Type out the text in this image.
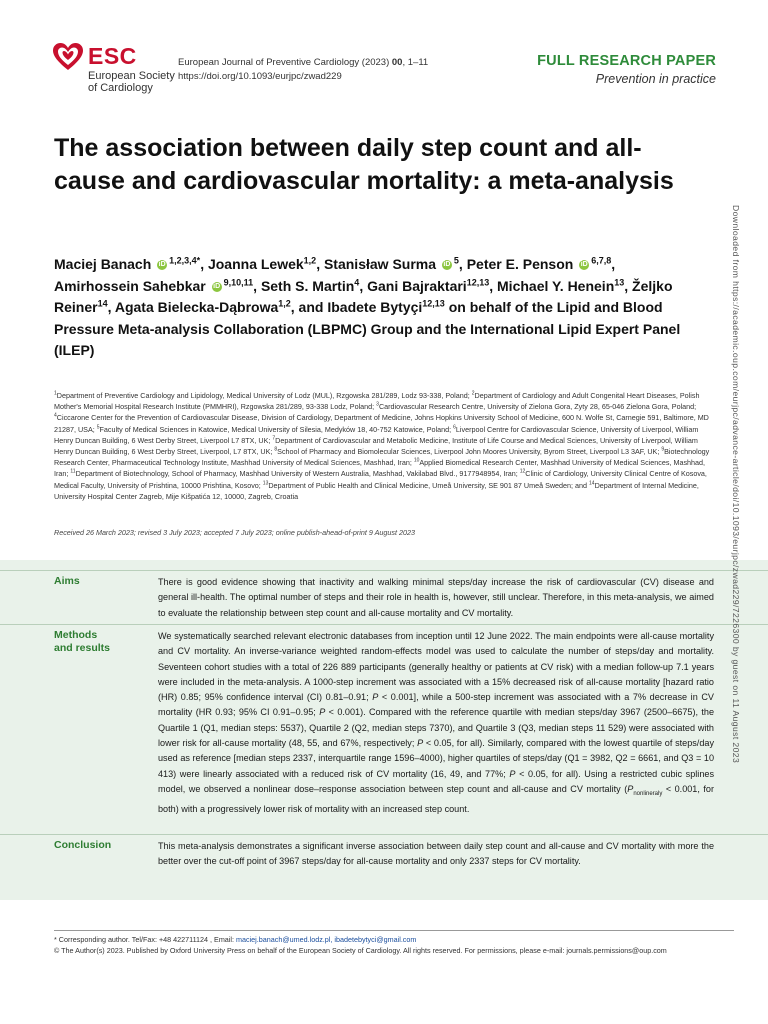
ESC
European Society
of Cardiology
European Journal of Preventive Cardiology (2023) 00, 1–11
https://doi.org/10.1093/eurjpc/zwad229
FULL RESEARCH PAPER
Prevention in practice
The association between daily step count and all-cause and cardiovascular mortality: a meta-analysis
Maciej Banach iD $^{1,2,3,4*}$, Joanna Lewek$^{1,2}$, Stanisław Surma iD $^5$, Peter E. Penson iD $^{6,7,8}$, Amirhossein Sahebkar iD $^{9,10,11}$, Seth S. Martin$^4$, Gani Bajraktari$^{12,13}$, Michael Y. Henein$^{13}$, Željko Reiner$^{14}$, Agata Bielecka-Dąbrowa$^{1,2}$, and Ibadete Bytyçi$^{12,13}$ on behalf of the Lipid and Blood Pressure Meta-analysis Collaboration (LBPMC) Group and the International Lipid Expert Panel (ILEP)
$^1$Department of Preventive Cardiology and Lipidology, Medical University of Lodz (MUL), Rzgowska 281/289, Lodz 93-338, Poland; $^2$Department of Cardiology and Adult Congenital Heart Diseases, Polish Mother's Memorial Hospital Research Institute (PMMHRI), Rzgowska 281/289, 93-338 Lodz, Poland; $^3$Cardiovascular Research Centre, University of Zielona Gora, Zyty 28, 65-046 Zielona Gora, Poland; $^4$Ciccarone Center for the Prevention of Cardiovascular Disease, Division of Cardiology, Department of Medicine, Johns Hopkins University School of Medicine, 600 N. Wolfe St, Carnegie 591, Baltimore, MD 21287, USA; $^5$Faculty of Medical Sciences in Katowice, Medical University of Silesia, Medyków 18, 40-752 Katowice, Poland; $^6$Liverpool Centre for Cardiovascular Science, University of Liverpool, William Henry Duncan Building, 6 West Derby Street, Liverpool L7 8TX, UK; $^7$Department of Cardiovascular and Metabolic Medicine, Institute of Life Course and Medical Sciences, University of Liverpool, William Henry Duncan Building, 6 West Derby Street, Liverpool, L7 8TX, UK; $^8$School of Pharmacy and Biomolecular Sciences, Liverpool John Moores University, Byrom Street, Liverpool L3 3AF, UK; $^9$Biotechnology Research Center, Pharmaceutical Technology Institute, Mashhad University of Medical Sciences, Mashhad, Iran; $^{10}$Applied Biomedical Research Center, Mashhad University of Medical Sciences, Mashhad, Iran; $^{11}$Department of Biotechnology, School of Pharmacy, Mashhad University of Western Australia, Mashhad, Vakilabad Blvd., 9177948954, Iran; $^{12}$Clinic of Cardiology, University Clinical Centre of Kosova, Medical Faculty, University of Prishtina, 10000 Prishtina, Kosovo; $^{13}$Department of Public Health and Clinical Medicine, Umeå University, SE 901 87 Umeå Sweden; and $^{14}$Department of Internal Medicine, University Hospital Center Zagreb, Mije Kišpatića 12, 10000, Zagreb, Croatia
Received 26 March 2023; revised 3 July 2023; accepted 7 July 2023; online publish-ahead-of-print 9 August 2023
Aims	There is good evidence showing that inactivity and walking minimal steps/day increase the risk of cardiovascular (CV) disease and general ill-health. The optimal number of steps and their role in health is, however, still unclear. Therefore, in this meta-analysis, we aimed to evaluate the relationship between step count and all-cause mortality and CV mortality.
Methods
and results
We systematically searched relevant electronic databases from inception until 12 June 2022. The main endpoints were all-cause mortality and CV mortality. An inverse-variance weighted random-effects model was used to calculate the number of steps/day and mortality. Seventeen cohort studies with a total of 226 889 participants (generally healthy or patients at CV risk) with a median follow-up 7.1 years were included in the meta-analysis. A 1000-step increment was associated with a 15% decreased risk of all-cause mortality [hazard ratio (HR) 0.85; 95% confidence interval (CI) 0.81–0.91; P < 0.001], while a 500-step increment was associated with a 7% decrease in CV mortality (HR 0.93; 95% CI 0.91–0.95; P < 0.001). Compared with the reference quartile with median steps/day 3967 (2500–6675), the Quartile 1 (Q1, median steps: 5537), Quartile 2 (Q2, median steps 7370), and Quartile 3 (Q3, median steps 11 529) were associated with lower risk for all-cause mortality (48, 55, and 67%, respectively; P < 0.05, for all). Similarly, compared with the lowest quartile of steps/day used as reference [median steps 2337, interquartile range 1596–4000), higher quartiles of steps/day (Q1 = 3982, Q2 = 6661, and Q3 = 10 413) were linearly associated with a reduced risk of CV mortality (16, 49, and 77%; P < 0.05, for all). Using a restricted cubic splines model, we observed a nonlinear dose–response association between step count and all-cause and CV mortality ($P_{nonlineraly} < 0.001$, for both) with a progressively lower risk of mortality with an increased step count.
Conclusion	This meta-analysis demonstrates a significant inverse association between daily step count and all-cause and CV mortality with more the better over the cut-off point of 3967 steps/day for all-cause mortality and only 2337 steps for CV mortality.
* Corresponding author. Tel/Fax: +48 422711124 , Email: maciej.banach@umed.lodz.pl, ibadetebytyci@gmail.com
© The Author(s) 2023. Published by Oxford University Press on behalf of the European Society of Cardiology. All rights reserved. For permissions, please e-mail: journals.permissions@oup.com
Downloaded from https://academic.oup.com/eurjpc/advance-article/doi/10.1093/eurjpc/zwad229/7226300 by guest on 11 August 2023
